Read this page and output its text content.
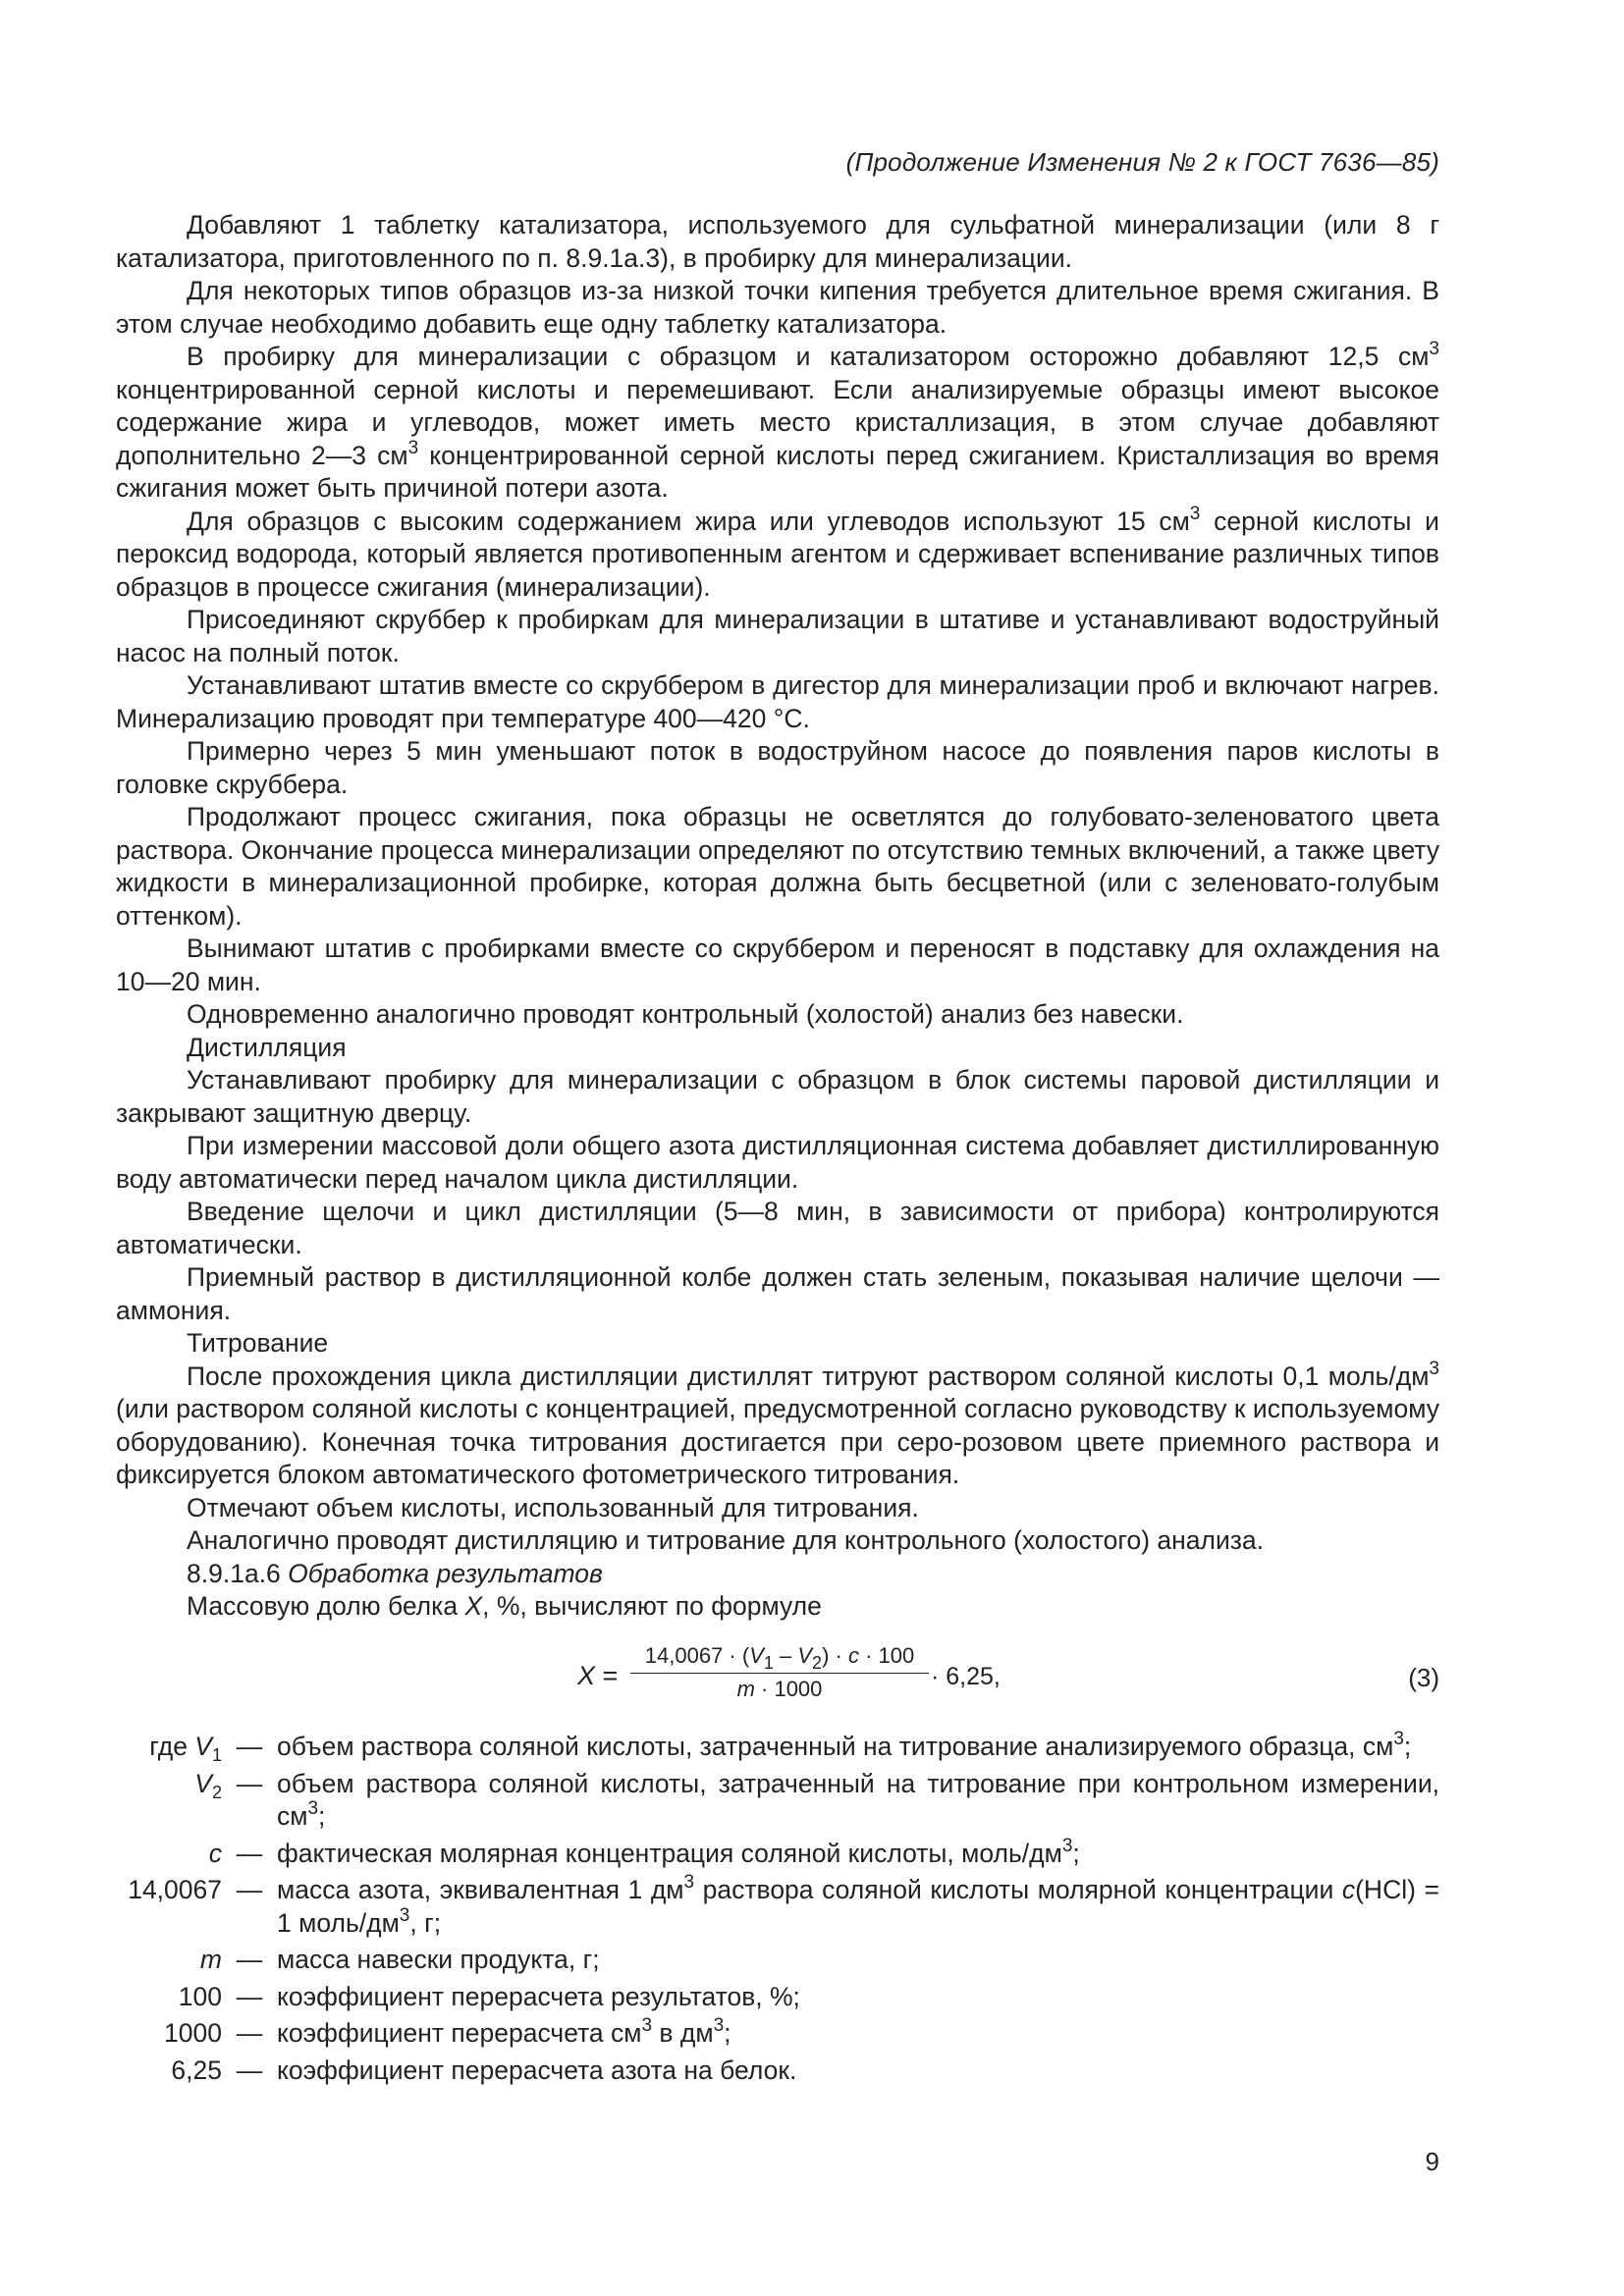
(Продолжение Изменения № 2 к ГОСТ 7636—85)

Добавляют 1 таблетку катализатора, используемого для сульфатной минерализации (или 8 г катализатора, приготовленного по п. 8.9.1а.3), в пробирку для минерализации.

Для некоторых типов образцов из-за низкой точки кипения требуется длительное время сжигания. В этом случае необходимо добавить еще одну таблетку катализатора.

В пробирку для минерализации с образцом и катализатором осторожно добавляют 12,5 $см^3$ концентрированной серной кислоты и перемешивают. Если анализируемые образцы имеют высокое содержание жира и углеводов, может иметь место кристаллизация, в этом случае добавляют дополнительно 2—3 $см^3$ концентрированной серной кислоты перед сжиганием. Кристаллизация во время сжигания может быть причиной потери азота.

Для образцов с высоким содержанием жира или углеводов используют 15 $см^3$ серной кислоты и пероксид водорода, который является противопенным агентом и сдерживает вспенивание различных типов образцов в процессе сжигания (минерализации).

Присоединяют скруббер к пробиркам для минерализации в штативе и устанавливают водоструйный насос на полный поток.

Устанавливают штатив вместе со скруббером в дигестор для минерализации проб и включают нагрев. Минерализацию проводят при температуре 400—420 °С.

Примерно через 5 мин уменьшают поток в водоструйном насосе до появления паров кислоты в головке скруббера.

Продолжают процесс сжигания, пока образцы не осветлятся до голубовато-зеленоватого цвета раствора. Окончание процесса минерализации определяют по отсутствию темных включений, а также цвету жидкости в минерализационной пробирке, которая должна быть бесцветной (или с зеленовато-голубым оттенком).

Вынимают штатив с пробирками вместе со скруббером и переносят в подставку для охлаждения на 10—20 мин.

Одновременно аналогично проводят контрольный (холостой) анализ без навески.

Дистилляция

Устанавливают пробирку для минерализации с образцом в блок системы паровой дистилляции и закрывают защитную дверцу.

При измерении массовой доли общего азота дистилляционная система добавляет дистиллированную воду автоматически перед началом цикла дистилляции.

Введение щелочи и цикл дистилляции (5—8 мин, в зависимости от прибора) контролируются автоматически.

Приемный раствор в дистилляционной колбе должен стать зеленым, показывая наличие щелочи — аммония.

Титрование

После прохождения цикла дистилляции дистиллят титруют раствором соляной кислоты 0,1 моль/$дм^3$ (или раствором соляной кислоты с концентрацией, предусмотренной согласно руководству к используемому оборудованию). Конечная точка титрования достигается при серо-розовом цвете приемного раствора и фиксируется блоком автоматического фотометрического титрования.

Отмечают объем кислоты, использованный для титрования.

Аналогично проводят дистилляцию и титрование для контрольного (холостого) анализа.

8.9.1а.6 Обработка результатов

Массовую долю белка X, %, вычисляют по формуле

$X = \frac{14,0067 \cdot (V_1 - V_2) \cdot c \cdot 100}{m \cdot 1000} \cdot 6,25$,	(3)
где $V_1$ — объем раствора соляной кислоты, затраченный на титрование анализируемого образца, $см^3$;
$V_2$ — объем раствора соляной кислоты, затраченный на титрование при контрольном измерении, $см^3$;
c — фактическая молярная концентрация соляной кислоты, моль/$дм^3$;
14,0067 — масса азота, эквивалентная 1 $дм^3$ раствора соляной кислоты молярной концентрации c(HCl) = 1 моль/$дм^3$, г;
m — масса навески продукта, г;
100 — коэффициент перерасчета результатов, %;
1000 — коэффициент перерасчета $см^3$ в $дм^3$;
6,25 — коэффициент перерасчета азота на белок.
9
